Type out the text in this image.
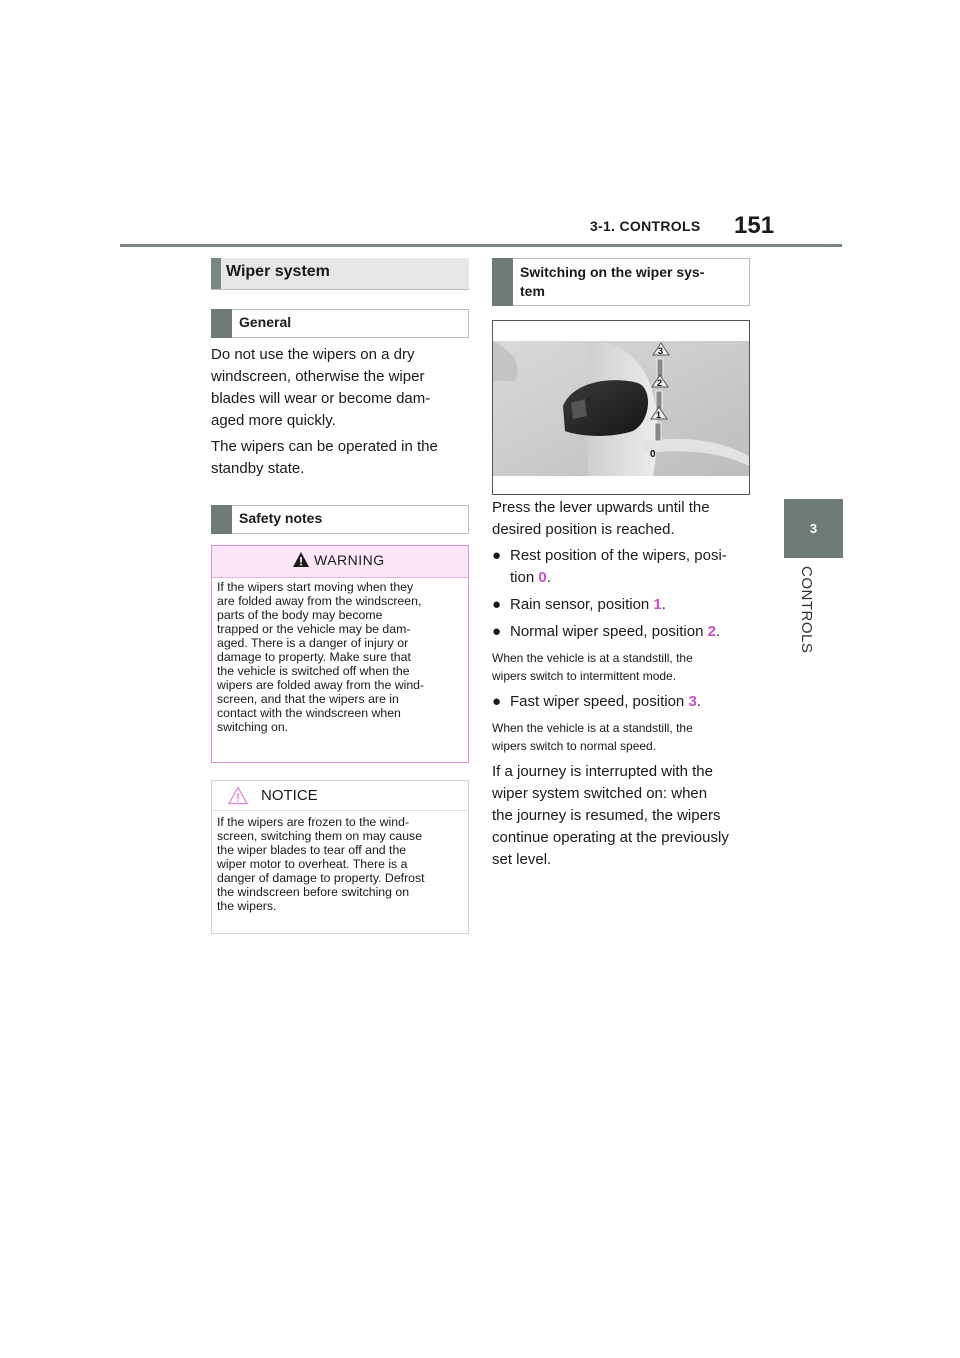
3-1. CONTROLS 151
3
CONTROLS
Wiper system
General
Do not use the wipers on a dry
windscreen, otherwise the wiper
blades will wear or become dam-
aged more quickly.
The wipers can be operated in the
standby state.
Safety notes
WARNING
If the wipers start moving when they
are folded away from the windscreen,
parts of the body may become
trapped or the vehicle may be dam-
aged. There is a danger of injury or
damage to property. Make sure that
the vehicle is switched off when the
wipers are folded away from the wind-
screen, and that the wipers are in
contact with the windscreen when
switching on.
NOTICE
If the wipers are frozen to the wind-
screen, switching them on may cause
the wiper blades to tear off and the
wiper motor to overheat. There is a
danger of damage to property. Defrost
the windscreen before switching on
the wipers.
Switching on the wiper sys-
tem
3
2
1
0
Press the lever upwards until the
desired position is reached.
● Rest position of the wipers, posi-
tion 0.
● Rain sensor, position 1.
● Normal wiper speed, position 2.
When the vehicle is at a standstill, the
wipers switch to intermittent mode.
● Fast wiper speed, position 3.
When the vehicle is at a standstill, the
wipers switch to normal speed.
If a journey is interrupted with the
wiper system switched on: when
the journey is resumed, the wipers
continue operating at the previously
set level.
